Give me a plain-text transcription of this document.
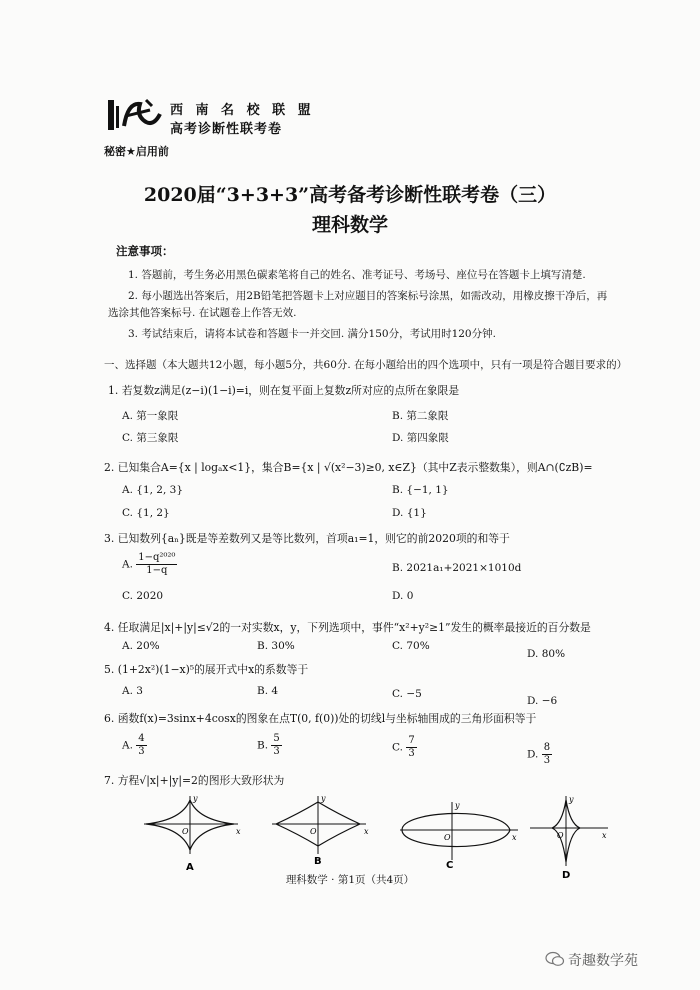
西 南 名 校 联 盟
高考诊断性联考卷
秘密★启用前
2020届“3+3+3”高考备考诊断性联考卷（三）
理科数学
注意事项：
1. 答题前，考生务必用黑色碳素笔将自己的姓名、准考证号、考场号、座位号在答题卡上填写清楚.
2. 每小题选出答案后，用2B铅笔把答题卡上对应题目的答案标号涂黑，如需改动，用橡皮擦干净后，再
选涂其他答案标号. 在试题卷上作答无效.
3. 考试结束后，请将本试卷和答题卡一并交回. 满分150分，考试用时120分钟.
一、选择题（本大题共12小题，每小题5分，共60分. 在每小题给出的四个选项中，只有一项是符合题目要求的）
1. 若复数z满足(z−i)(1−i)=i，则在复平面上复数z所对应的点所在象限是
A. 第一象限	B. 第二象限
C. 第三象限	D. 第四象限
2. 已知集合A={x | logₐx<1}，集合B={x | √(x²−3)≥0, x∈Z}（其中Z表示整数集），则A∩(∁ᴢB)=
A. {1, 2, 3}	B. {−1, 1}
C. {1, 2}	D. {1}
3. 已知数列{aₙ}既是等差数列又是等比数列，首项a₁=1，则它的前2020项的和等于
A. $\frac{\text{1−q²⁰²⁰}}{1-q}$	B. 2021a₁+2021×1010d
C. 2020	D. 0
4. 任取满足|x|+|y|≤√2的一对实数x，y，下列选项中，事件“x²+y²≥1”发生的概率最接近的百分数是
A. 20%	B. 30%	C. 70%
D. 80%
5. (1+2x²)(1−x)⁵的展开式中x的系数等于
A. 3	B. 4	C. −5
D. −6
6. 函数f(x)=3sinx+4cosx的图象在点T(0, f(0))处的切线l与坐标轴围成的三角形面积等于
A. $\frac{4}{3}$	B. $\frac{5}{3}$	C. $\frac{7}{3}$	D. $\frac{8}{3}$
7. 方程√|x|+|y|=2的图形大致形状为
y
x
O
A
y
x
O
B
y
x
O
C
y
x
O
D
理科数学 · 第1页（共4页）
奇趣数学苑
